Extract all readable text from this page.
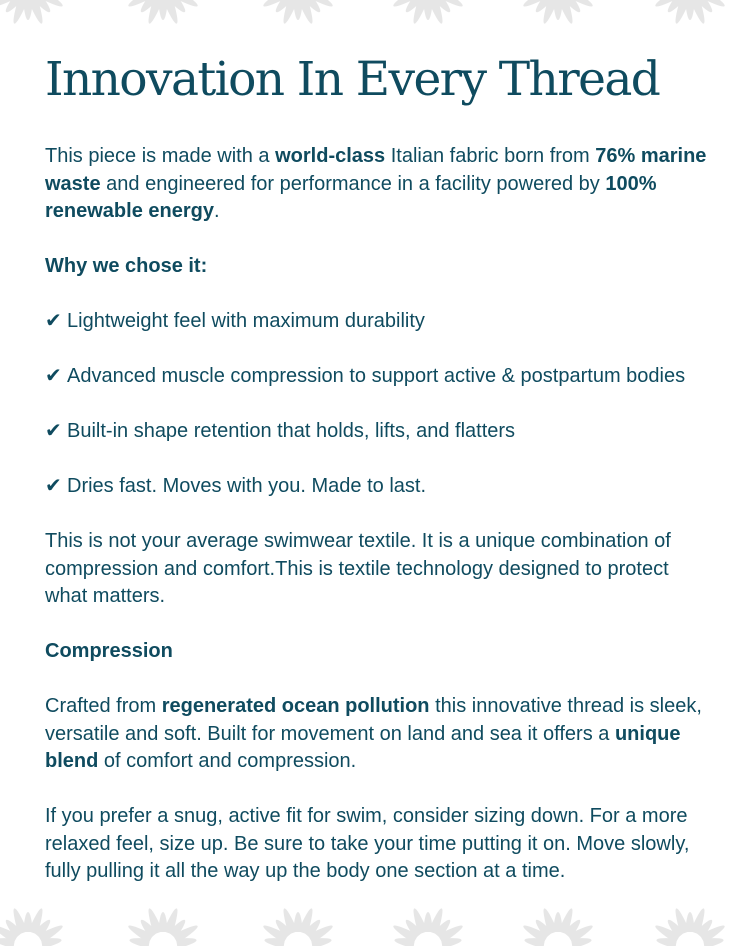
Innovation In Every Thread

This piece is made with a world-class Italian fabric born from 76% marine waste and engineered for performance in a facility powered by 100% renewable energy.

Why we chose it:

✔ Lightweight feel with maximum durability

✔ Advanced muscle compression to support active & postpartum bodies

✔ Built-in shape retention that holds, lifts, and flatters

✔ Dries fast. Moves with you. Made to last.

This is not your average swimwear textile. It is a unique combination of compression and comfort.This is textile technology designed to protect what matters.

Compression

Crafted from regenerated ocean pollution this innovative thread is sleek, versatile and soft. Built for movement on land and sea it offers a unique blend of comfort and compression.

If you prefer a snug, active fit for swim, consider sizing down. For a more relaxed feel, size up. Be sure to take your time putting it on. Move slowly, fully pulling it all the way up the body one section at a time.
